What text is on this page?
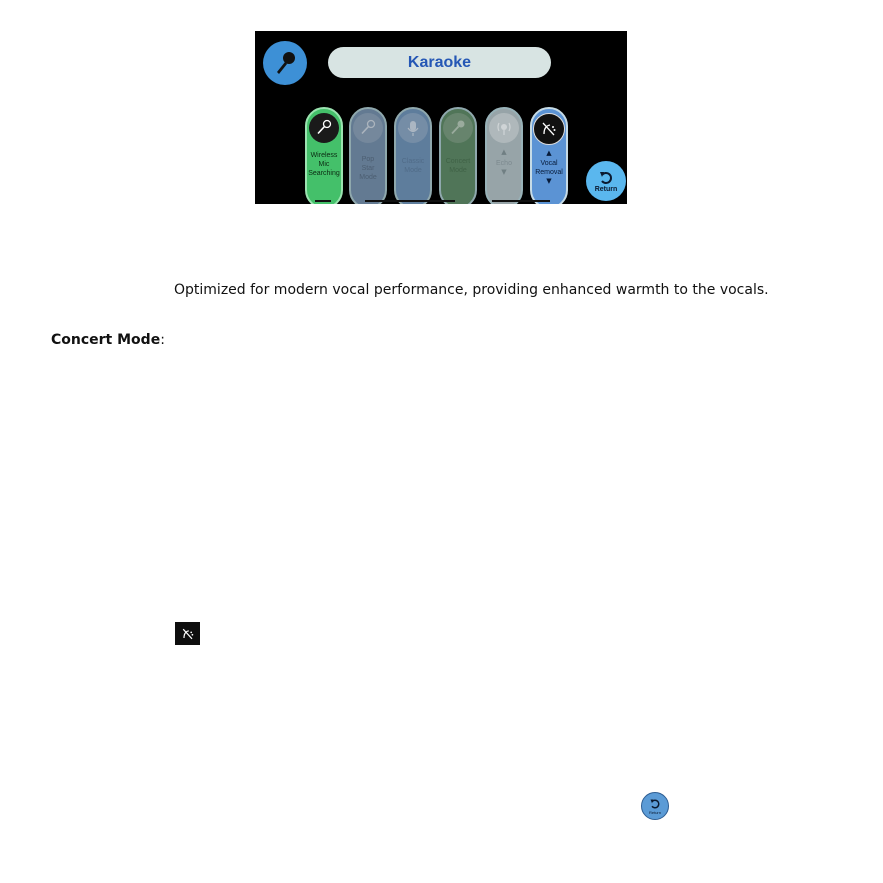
Karaoke
Wireless
Mic
Searching
Pop
Star
Mode
Classic
Mode
Concert
Mode
▲
Echo
▼
▲
Vocal
Removal
▼
Return
Optimized for modern vocal performance, providing enhanced warmth to the vocals.
Concert Mode:
Return
